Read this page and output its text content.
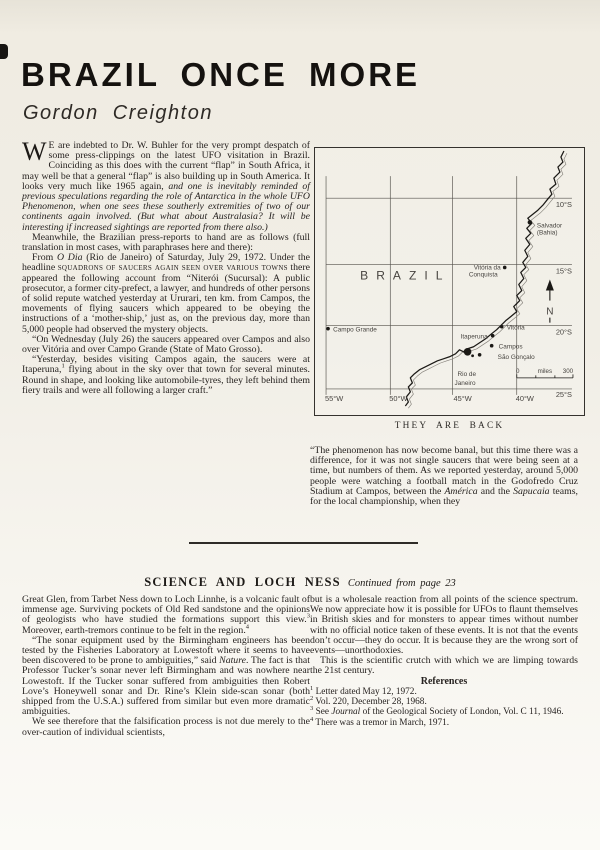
BRAZIL ONCE MORE
Gordon Creighton

W E are indebted to Dr. W. Buhler for the very prompt despatch of some press-clippings on the latest UFO visitation in Brazil. Coinciding as this does with the current “flap” in South Africa, it may well be that a general “flap” is also building up in South America. It looks very much like 1965 again, and one is inevitably reminded of previous speculations regarding the role of Antarctica in the whole UFO Phenomenon, when one sees these southerly extremities of two of our continents again involved. (But what about Australasia? It will be interesting if increased sightings are reported from there also.)

Meanwhile, the Brazilian press-reports to hand are as follows (full translation in most cases, with paraphrases here and there):

From O Dia (Rio de Janeiro) of Saturday, July 29, 1972. Under the headline squadrons of saucers again seen over various towns there appeared the following account from “Niterói (Sucursal): A public prosecutor, a former city-prefect, a lawyer, and hundreds of other persons of solid repute watched yesterday at Ururari, ten km. from Campos, the movements of flying saucers which appeared to be obeying the instructions of a ‘mother-ship,’ just as, on the previous day, more than 5,000 people had observed the mystery objects.

“On Wednesday (July 26) the saucers appeared over Campos and also over Vitória and over Campo Grande (State of Mato Grosso).

“Yesterday, besides visiting Campos again, the saucers were at Itaperuna,$^1$ flying about in the sky over that town for several minutes. Round in shape, and looking like automobile-tyres, they left behind them fiery trails and were all following a larger craft.”

BRAZIL
N
0	miles 300
Salvador
(Bahia)
Vitória da
Conquista
Campo Grande	Vitória
Itaperuna
Campos
São Gonçalo
Rio de
Janeiro
10°S
15°S
20°S
25°S
55°W	50°W	45°W	40°W
THEY ARE BACK

“The phenomenon has now become banal, but this time there was a difference, for it was not single saucers that were being seen at a time, but numbers of them. As we reported yesterday, around 5,000 people were watching a football match in the Godofredo Cruz Stadium at Campos, between the América and the Sapucaia teams, for the local championship, when they

SCIENCE AND LOCH NESS Continued from page 23

Great Glen, from Tarbet Ness down to Loch Linnhe, is a volcanic fault of immense age. Surviving pockets of Old Red sandstone and the opinions of geologists who have studied the formations support this view.$^3$ Moreover, earth-tremors continue to be felt in the region.$^4$

“The sonar equipment used by the Birmingham engineers has been tested by the Fisheries Laboratory at Lowestoft where it seems to have been discovered to be prone to ambiguities,” said Nature. The fact is that Professor Tucker’s sonar never left Birmingham and was nowhere near Lowestoft. If the Tucker sonar suffered from ambiguities then Robert Love’s Honeywell sonar and Dr. Rine’s Klein side-scan sonar (both shipped from the U.S.A.) suffered from similar but even more dramatic ambiguities.

We see therefore that the falsification process is not due merely to the over-caution of individual scientists,

but is a wholesale reaction from all points of the science spectrum. We now appreciate how it is possible for UFOs to flaunt themselves in British skies and for monsters to appear times without number with no official notice taken of these events. It is not that the events don’t occur—they do occur. It is because they are the wrong sort of events—unorthodoxies.

This is the scientific crutch with which we are limping towards the 21st century.

References

$^1$ Letter dated May 12, 1972.

$^2$ Vol. 220, December 28, 1968.

$^3$ See Journal of the Geological Society of London, Vol. C 11, 1946.

$^4$ There was a tremor in March, 1971.
